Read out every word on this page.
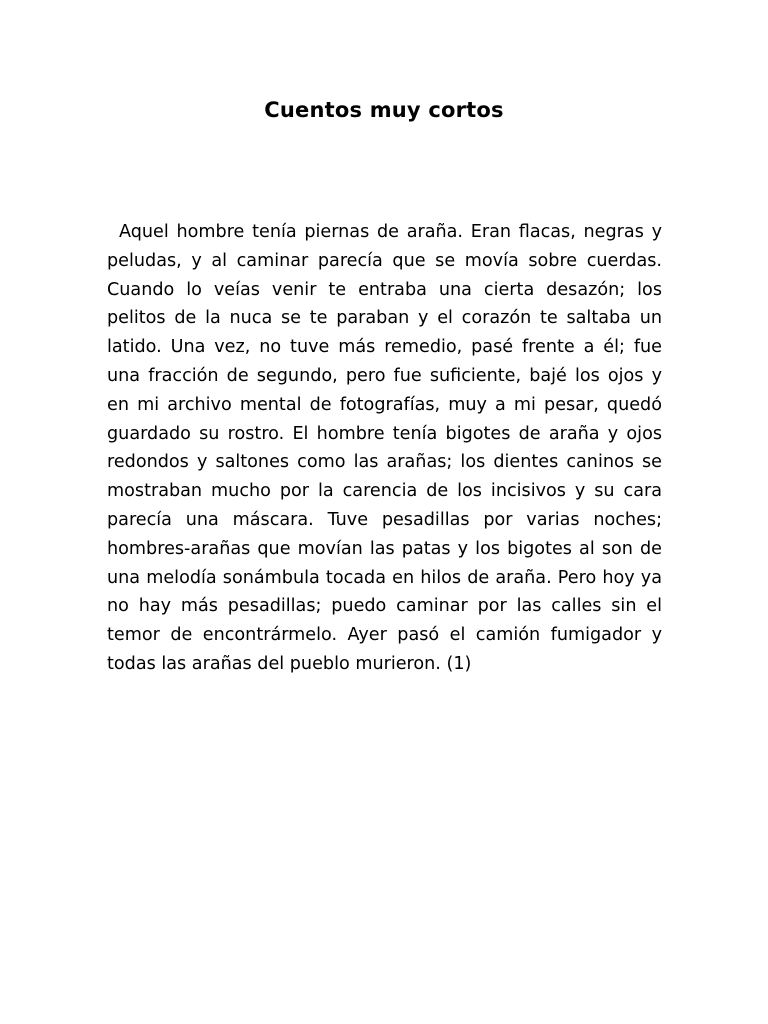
Cuentos muy cortos

Aquel hombre tenía piernas de araña. Eran flacas, negras y peludas, y al caminar parecía que se movía sobre cuerdas. Cuando lo veías venir te entraba una cierta desazón; los pelitos de la nuca se te paraban y el corazón te saltaba un latido. Una vez, no tuve más remedio, pasé frente a él; fue una fracción de segundo, pero fue suficiente, bajé los ojos y en mi archivo mental de fotografías, muy a mi pesar, quedó guardado su rostro. El hombre tenía bigotes de araña y ojos redondos y saltones como las arañas; los dientes caninos se mostraban mucho por la carencia de los incisivos y su cara parecía una máscara. Tuve pesadillas por varias noches; hombres-arañas que movían las patas y los bigotes al son de una melodía sonámbula tocada en hilos de araña. Pero hoy ya no hay más pesadillas; puedo caminar por las calles sin el temor de encontrármelo. Ayer pasó el camión fumigador y todas las arañas del pueblo murieron. (1)
